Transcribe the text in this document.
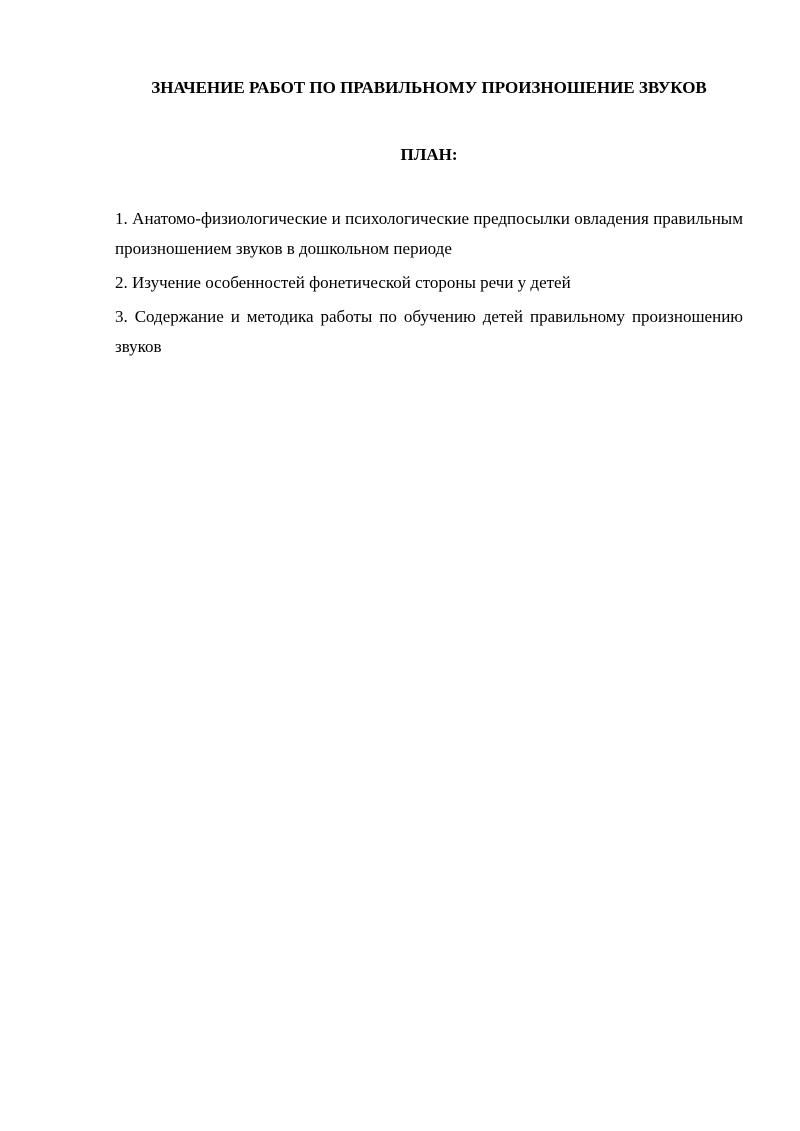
ЗНАЧЕНИЕ РАБОТ ПО ПРАВИЛЬНОМУ ПРОИЗНОШЕНИЕ ЗВУКОВ
ПЛАН:

1. Анатомо-физиологические и психологические предпосылки овладения правильным произношением звуков в дошкольном периоде

2. Изучение особенностей фонетической стороны речи у детей

3. Содержание и методика работы по обучению детей правильному произношению звуков
